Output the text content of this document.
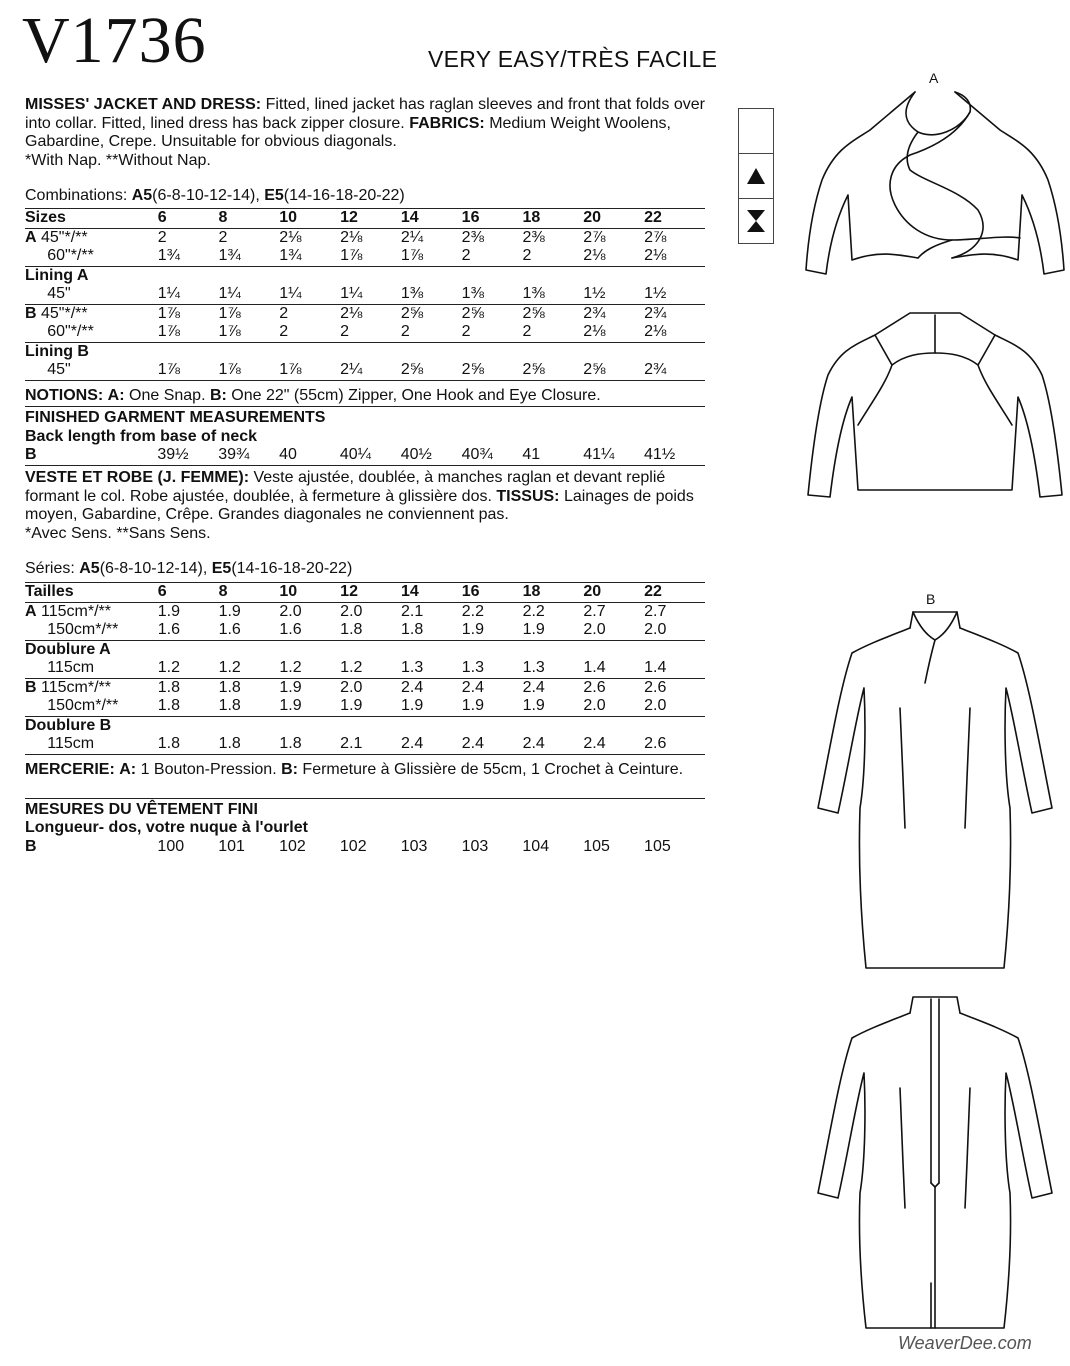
V1736	VERY EASY/TRÈS FACILE
MISSES' JACKET AND DRESS: Fitted, lined jacket has raglan sleeves and front that folds over into collar. Fitted, lined dress has back zipper closure. FABRICS: Medium Weight Woolens, Gabardine, Crepe. Unsuitable for obvious diagonals.
*With Nap. **Without Nap.
Combinations: A5(6-8-10-12-14), E5(14-16-18-20-22)
Sizes	6	8	10	12	14	16	18	20	22
A 45"*/**	2	2	2⅛	2⅛	2¼	2⅜	2⅜	2⅞	2⅞
60"*/**	1¾	1¾	1¾	1⅞	1⅞	2	2	2⅛	2⅛
Lining A									
45"	1¼	1¼	1¼	1¼	1⅜	1⅜	1⅜	1½	1½
B 45"*/**	1⅞	1⅞	2	2⅛	2⅝	2⅝	2⅝	2¾	2¾
60"*/**	1⅞	1⅞	2	2	2	2	2	2⅛	2⅛
Lining B									
45"	1⅞	1⅞	1⅞	2¼	2⅝	2⅝	2⅝	2⅝	2¾
NOTIONS: A: One Snap. B: One 22" (55cm) Zipper, One Hook and Eye Closure.
FINISHED GARMENT MEASUREMENTS
Back length from base of neck
B	39½	39¾	40	40¼	40½	40¾	41	41¼	41½
VESTE ET ROBE (J. FEMME): Veste ajustée, doublée, à manches raglan et devant replié formant le col. Robe ajustée, doublée, à fermeture à glissière dos. TISSUS: Lainages de poids moyen, Gabardine, Crêpe. Grandes diagonales ne conviennent pas.
*Avec Sens. **Sans Sens.
Séries: A5(6-8-10-12-14), E5(14-16-18-20-22)
Tailles	6	8	10	12	14	16	18	20	22
A 115cm*/**	1.9	1.9	2.0	2.0	2.1	2.2	2.2	2.7	2.7
150cm*/**	1.6	1.6	1.6	1.8	1.8	1.9	1.9	2.0	2.0
Doublure A									
115cm	1.2	1.2	1.2	1.2	1.3	1.3	1.3	1.4	1.4
B 115cm*/**	1.8	1.8	1.9	2.0	2.4	2.4	2.4	2.6	2.6
150cm*/**	1.8	1.8	1.9	1.9	1.9	1.9	1.9	2.0	2.0
Doublure B									
115cm	1.8	1.8	1.8	2.1	2.4	2.4	2.4	2.4	2.6
MERCERIE: A: 1 Bouton-Pression. B: Fermeture à Glissière de 55cm, 1 Crochet à Ceinture.
MESURES DU VÊTEMENT FINI
Longueur- dos, votre nuque à l'ourlet
B	100	101	102	102	103	103	104	105	105
A
B
WeaverDee.com
